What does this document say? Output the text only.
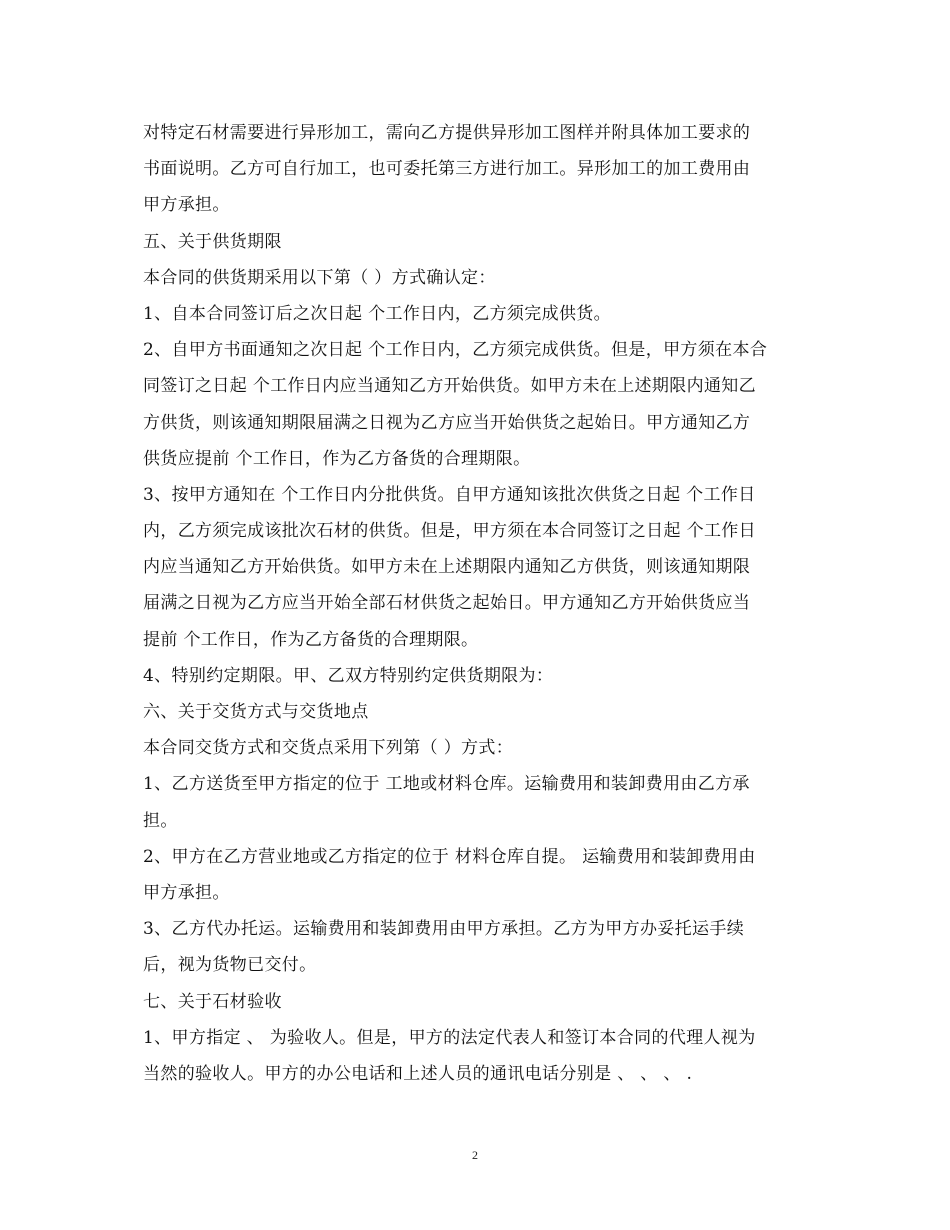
对特定石材需要进行异形加工，需向乙方提供异形加工图样并附具体加工要求的
书面说明。乙方可自行加工，也可委托第三方进行加工。异形加工的加工费用由
甲方承担。
五、关于供货期限
本合同的供货期采用以下第（ ）方式确认定：
1、自本合同签订后之次日起 个工作日内，乙方须完成供货。
2、自甲方书面通知之次日起 个工作日内，乙方须完成供货。但是，甲方须在本合
同签订之日起 个工作日内应当通知乙方开始供货。如甲方未在上述期限内通知乙
方供货，则该通知期限届满之日视为乙方应当开始供货之起始日。甲方通知乙方
供货应提前 个工作日，作为乙方备货的合理期限。
3、按甲方通知在 个工作日内分批供货。自甲方通知该批次供货之日起 个工作日
内，乙方须完成该批次石材的供货。但是，甲方须在本合同签订之日起 个工作日
内应当通知乙方开始供货。如甲方未在上述期限内通知乙方供货，则该通知期限
届满之日视为乙方应当开始全部石材供货之起始日。甲方通知乙方开始供货应当
提前 个工作日，作为乙方备货的合理期限。
4、特别约定期限。甲、乙双方特别约定供货期限为：
六、关于交货方式与交货地点
本合同交货方式和交货点采用下列第（ ）方式：
1、乙方送货至甲方指定的位于 工地或材料仓库。运输费用和装卸费用由乙方承
担。
2、甲方在乙方营业地或乙方指定的位于 材料仓库自提。 运输费用和装卸费用由
甲方承担。
3、乙方代办托运。运输费用和装卸费用由甲方承担。乙方为甲方办妥托运手续
后，视为货物已交付。
七、关于石材验收
1、甲方指定 、 为验收人。但是，甲方的法定代表人和签订本合同的代理人视为
当然的验收人。甲方的办公电话和上述人员的通讯电话分别是 、 、 、 .
2
